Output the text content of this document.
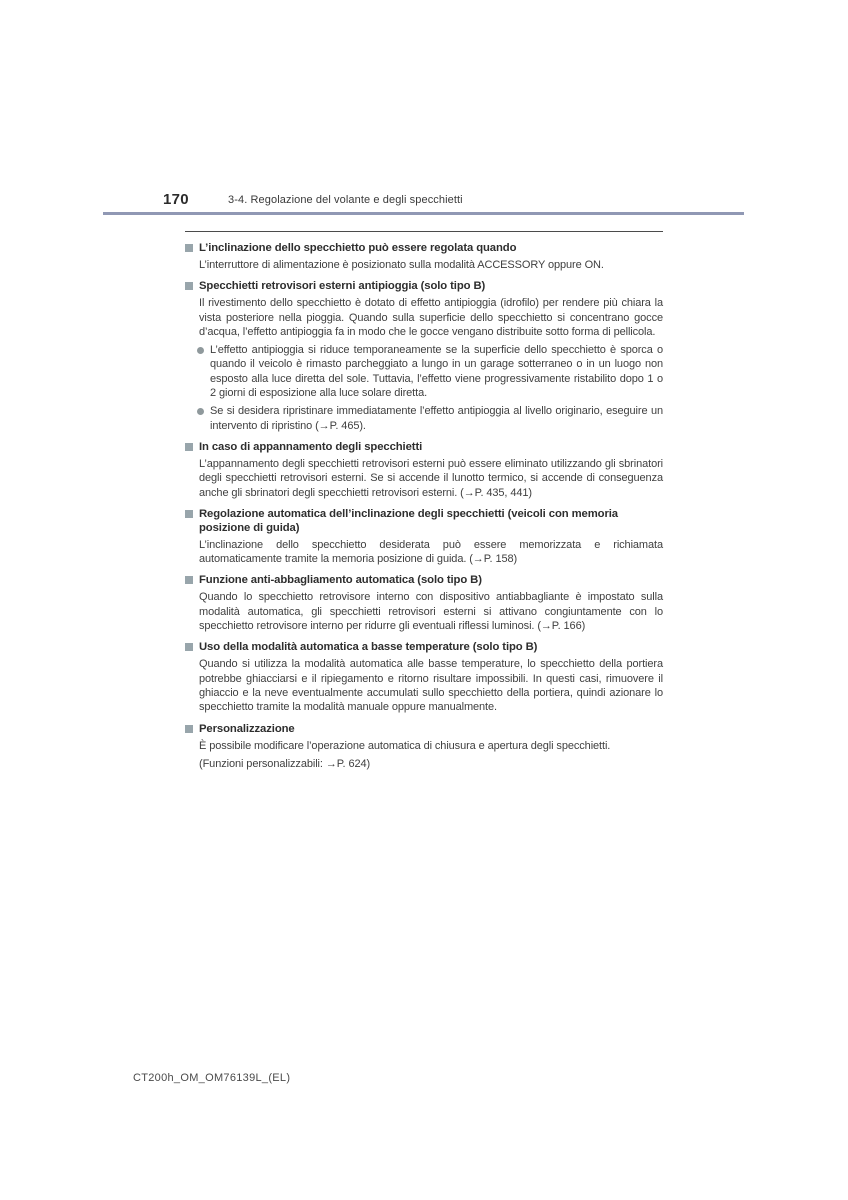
170	3-4. Regolazione del volante e degli specchietti
L’inclinazione dello specchietto può essere regolata quando
L’interruttore di alimentazione è posizionato sulla modalità ACCESSORY oppure ON.
Specchietti retrovisori esterni antipioggia (solo tipo B)
Il rivestimento dello specchietto è dotato di effetto antipioggia (idrofilo) per rendere più chiara la vista posteriore nella pioggia. Quando sulla superficie dello specchietto si concentrano gocce d’acqua, l’effetto antipioggia fa in modo che le gocce vengano distribuite sotto forma di pellicola.
L’effetto antipioggia si riduce temporaneamente se la superficie dello specchietto è sporca o quando il veicolo è rimasto parcheggiato a lungo in un garage sotterraneo o in un luogo non esposto alla luce diretta del sole. Tuttavia, l’effetto viene progressivamente ristabilito dopo 1 o 2 giorni di esposizione alla luce solare diretta.
Se si desidera ripristinare immediatamente l’effetto antipioggia al livello originario, eseguire un intervento di ripristino (→P. 465).
In caso di appannamento degli specchietti
L’appannamento degli specchietti retrovisori esterni può essere eliminato utilizzando gli sbrinatori degli specchietti retrovisori esterni. Se si accende il lunotto termico, si accende di conseguenza anche gli sbrinatori degli specchietti retrovisori esterni. (→P. 435, 441)
Regolazione automatica dell’inclinazione degli specchietti (veicoli con memoria posizione di guida)
L’inclinazione dello specchietto desiderata può essere memorizzata e richiamata automaticamente tramite la memoria posizione di guida. (→P. 158)
Funzione anti-abbagliamento automatica (solo tipo B)
Quando lo specchietto retrovisore interno con dispositivo antiabbagliante è impostato sulla modalità automatica, gli specchietti retrovisori esterni si attivano congiuntamente con lo specchietto retrovisore interno per ridurre gli eventuali riflessi luminosi. (→P. 166)
Uso della modalità automatica a basse temperature (solo tipo B)
Quando si utilizza la modalità automatica alle basse temperature, lo specchietto della portiera potrebbe ghiacciarsi e il ripiegamento e ritorno risultare impossibili. In questi casi, rimuovere il ghiaccio e la neve eventualmente accumulati sullo specchietto della portiera, quindi azionare lo specchietto tramite la modalità manuale oppure manualmente.
Personalizzazione
È possibile modificare l’operazione automatica di chiusura e apertura degli specchietti.
(Funzioni personalizzabili: →P. 624)
CT200h_OM_OM76139L_(EL)
